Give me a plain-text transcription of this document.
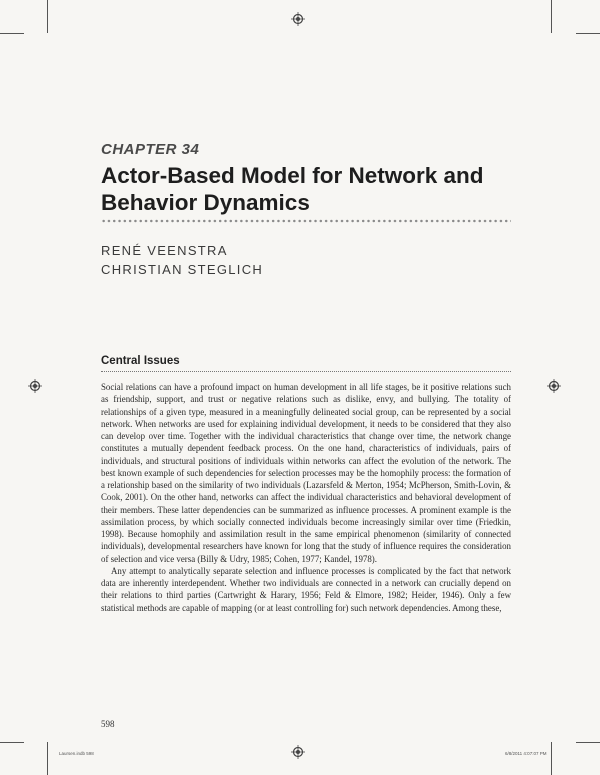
CHAPTER 34
Actor-Based Model for Network and Behavior Dynamics
RENÉ VEENSTRA
CHRISTIAN STEGLICH
Central Issues

Social relations can have a profound impact on human development in all life stages, be it positive relations such as friendship, support, and trust or negative relations such as dislike, envy, and bullying. The totality of relationships of a given type, measured in a meaningfully delineated social group, can be represented by a social network. When networks are used for explaining individual development, it needs to be considered that they also can develop over time. Together with the individual characteristics that change over time, the network change constitutes a mutually dependent feedback process. On the one hand, characteristics of individuals, pairs of individuals, and structural positions of individuals within networks can affect the evolution of the network. The best known example of such dependencies for selection processes may be the homophily process: the formation of a relationship based on the similarity of two individuals (Lazarsfeld & Merton, 1954; McPherson, Smith-Lovin, & Cook, 2001). On the other hand, networks can affect the individual characteristics and behavioral development of their members. These latter dependencies can be summarized as influence processes. A prominent example is the assimilation process, by which socially connected individuals become increasingly similar over time (Friedkin, 1998). Because homophily and assimilation result in the same empirical phenomenon (similarity of connected individuals), developmental researchers have known for long that the study of influence requires the consideration of selection and vice versa (Billy & Udry, 1985; Cohen, 1977; Kandel, 1978).

Any attempt to analytically separate selection and influence processes is complicated by the fact that network data are inherently interdependent. Whether two individuals are connected in a network can crucially depend on their relations to third parties (Cartwright & Harary, 1956; Feld & Elmore, 1982; Heider, 1946). Only a few statistical methods are capable of mapping (or at least controlling for) such network dependencies. Among these,

598
Laursen.indb 598	6/8/2011 4:07:07 PM
